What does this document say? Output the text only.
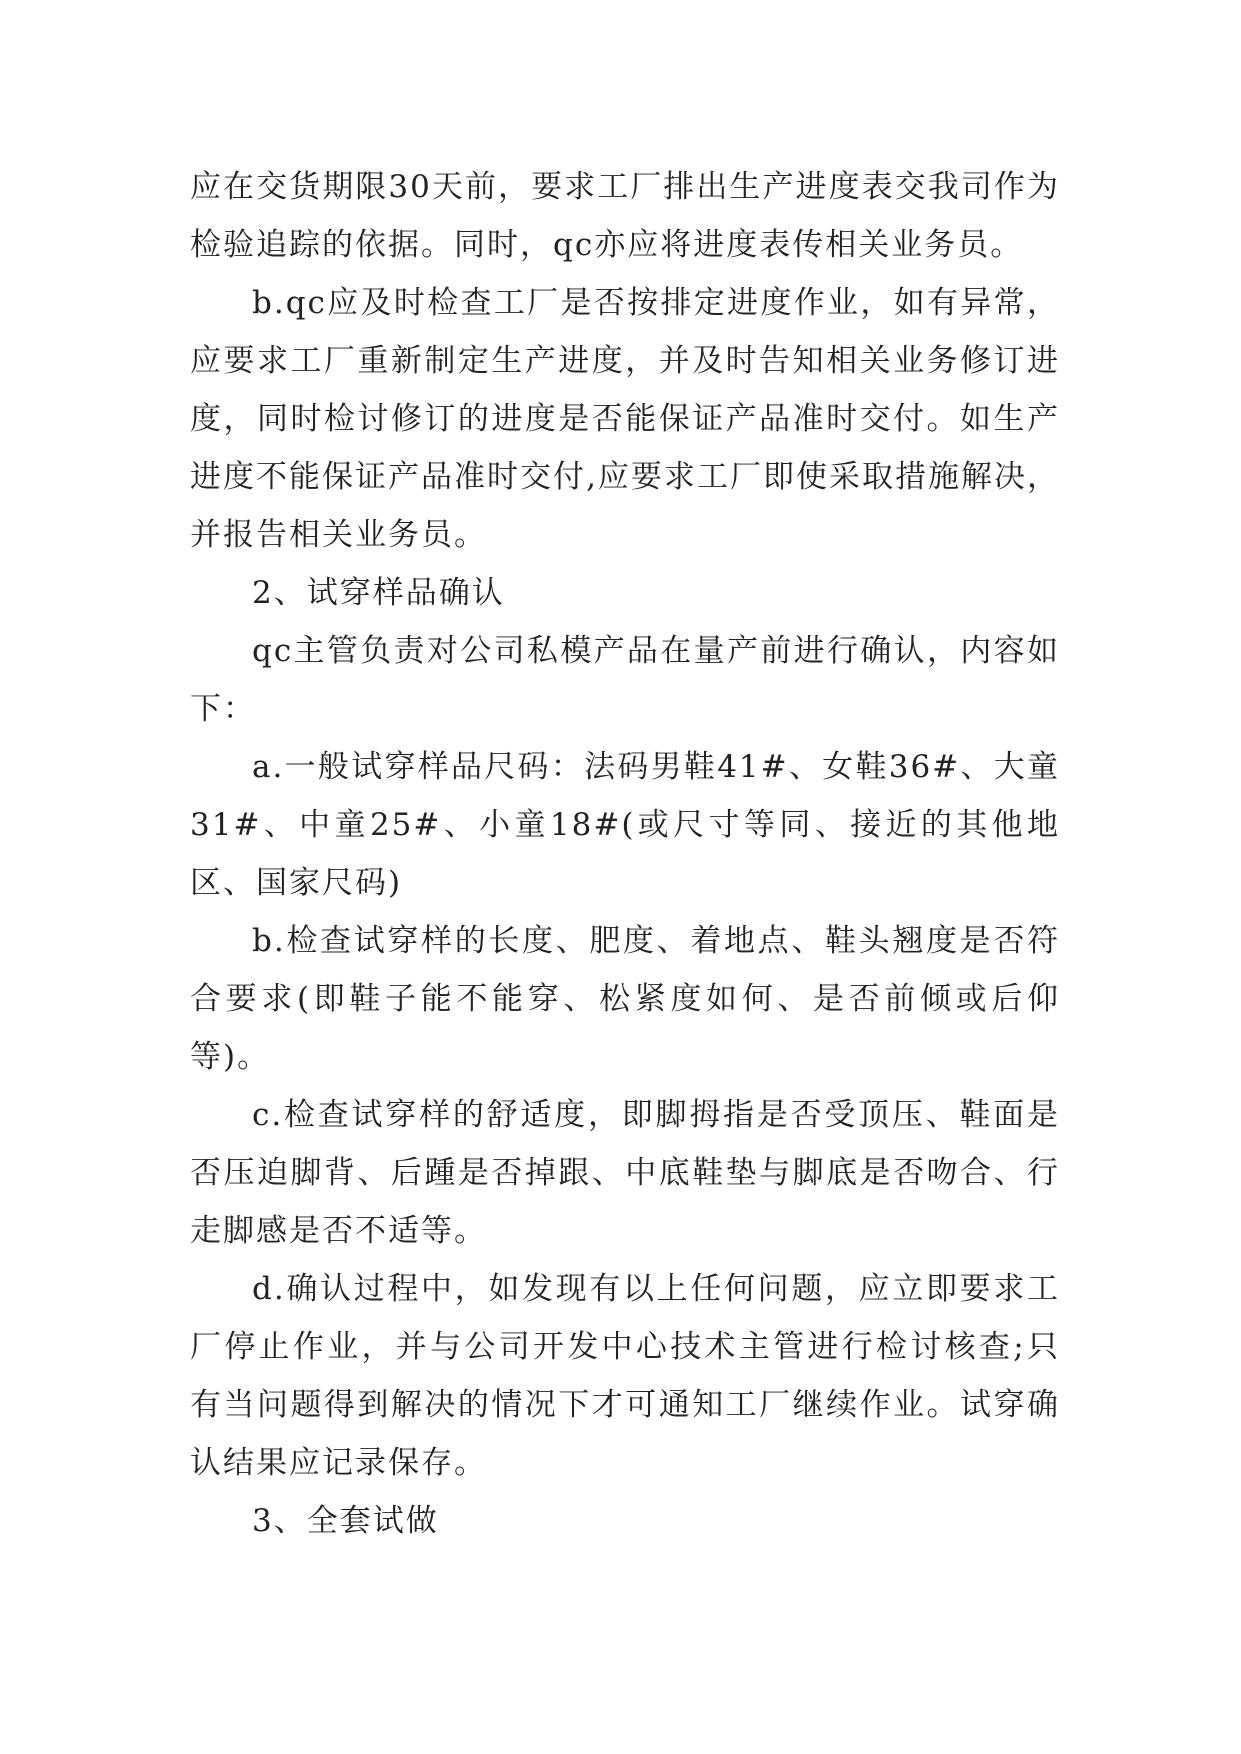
应在交货期限30天前，要求工厂排出生产进度表交我司作为检验追踪的依据。同时，qc亦应将进度表传相关业务员。

b.qc应及时检查工厂是否按排定进度作业，如有异常，应要求工厂重新制定生产进度，并及时告知相关业务修订进度，同时检讨修订的进度是否能保证产品准时交付。如生产进度不能保证产品准时交付,应要求工厂即使采取措施解决，并报告相关业务员。

2、试穿样品确认

qc主管负责对公司私模产品在量产前进行确认，内容如下：

a.一般试穿样品尺码：法码男鞋41#、女鞋36#、大童31#、中童25#、小童18#(或尺寸等同、接近的其他地区、国家尺码)

b.检查试穿样的长度、肥度、着地点、鞋头翘度是否符合要求(即鞋子能不能穿、松紧度如何、是否前倾或后仰等)。

c.检查试穿样的舒适度，即脚拇指是否受顶压、鞋面是否压迫脚背、后踵是否掉跟、中底鞋垫与脚底是否吻合、行走脚感是否不适等。

d.确认过程中，如发现有以上任何问题，应立即要求工厂停止作业，并与公司开发中心技术主管进行检讨核查;只有当问题得到解决的情况下才可通知工厂继续作业。试穿确认结果应记录保存。

3、全套试做
